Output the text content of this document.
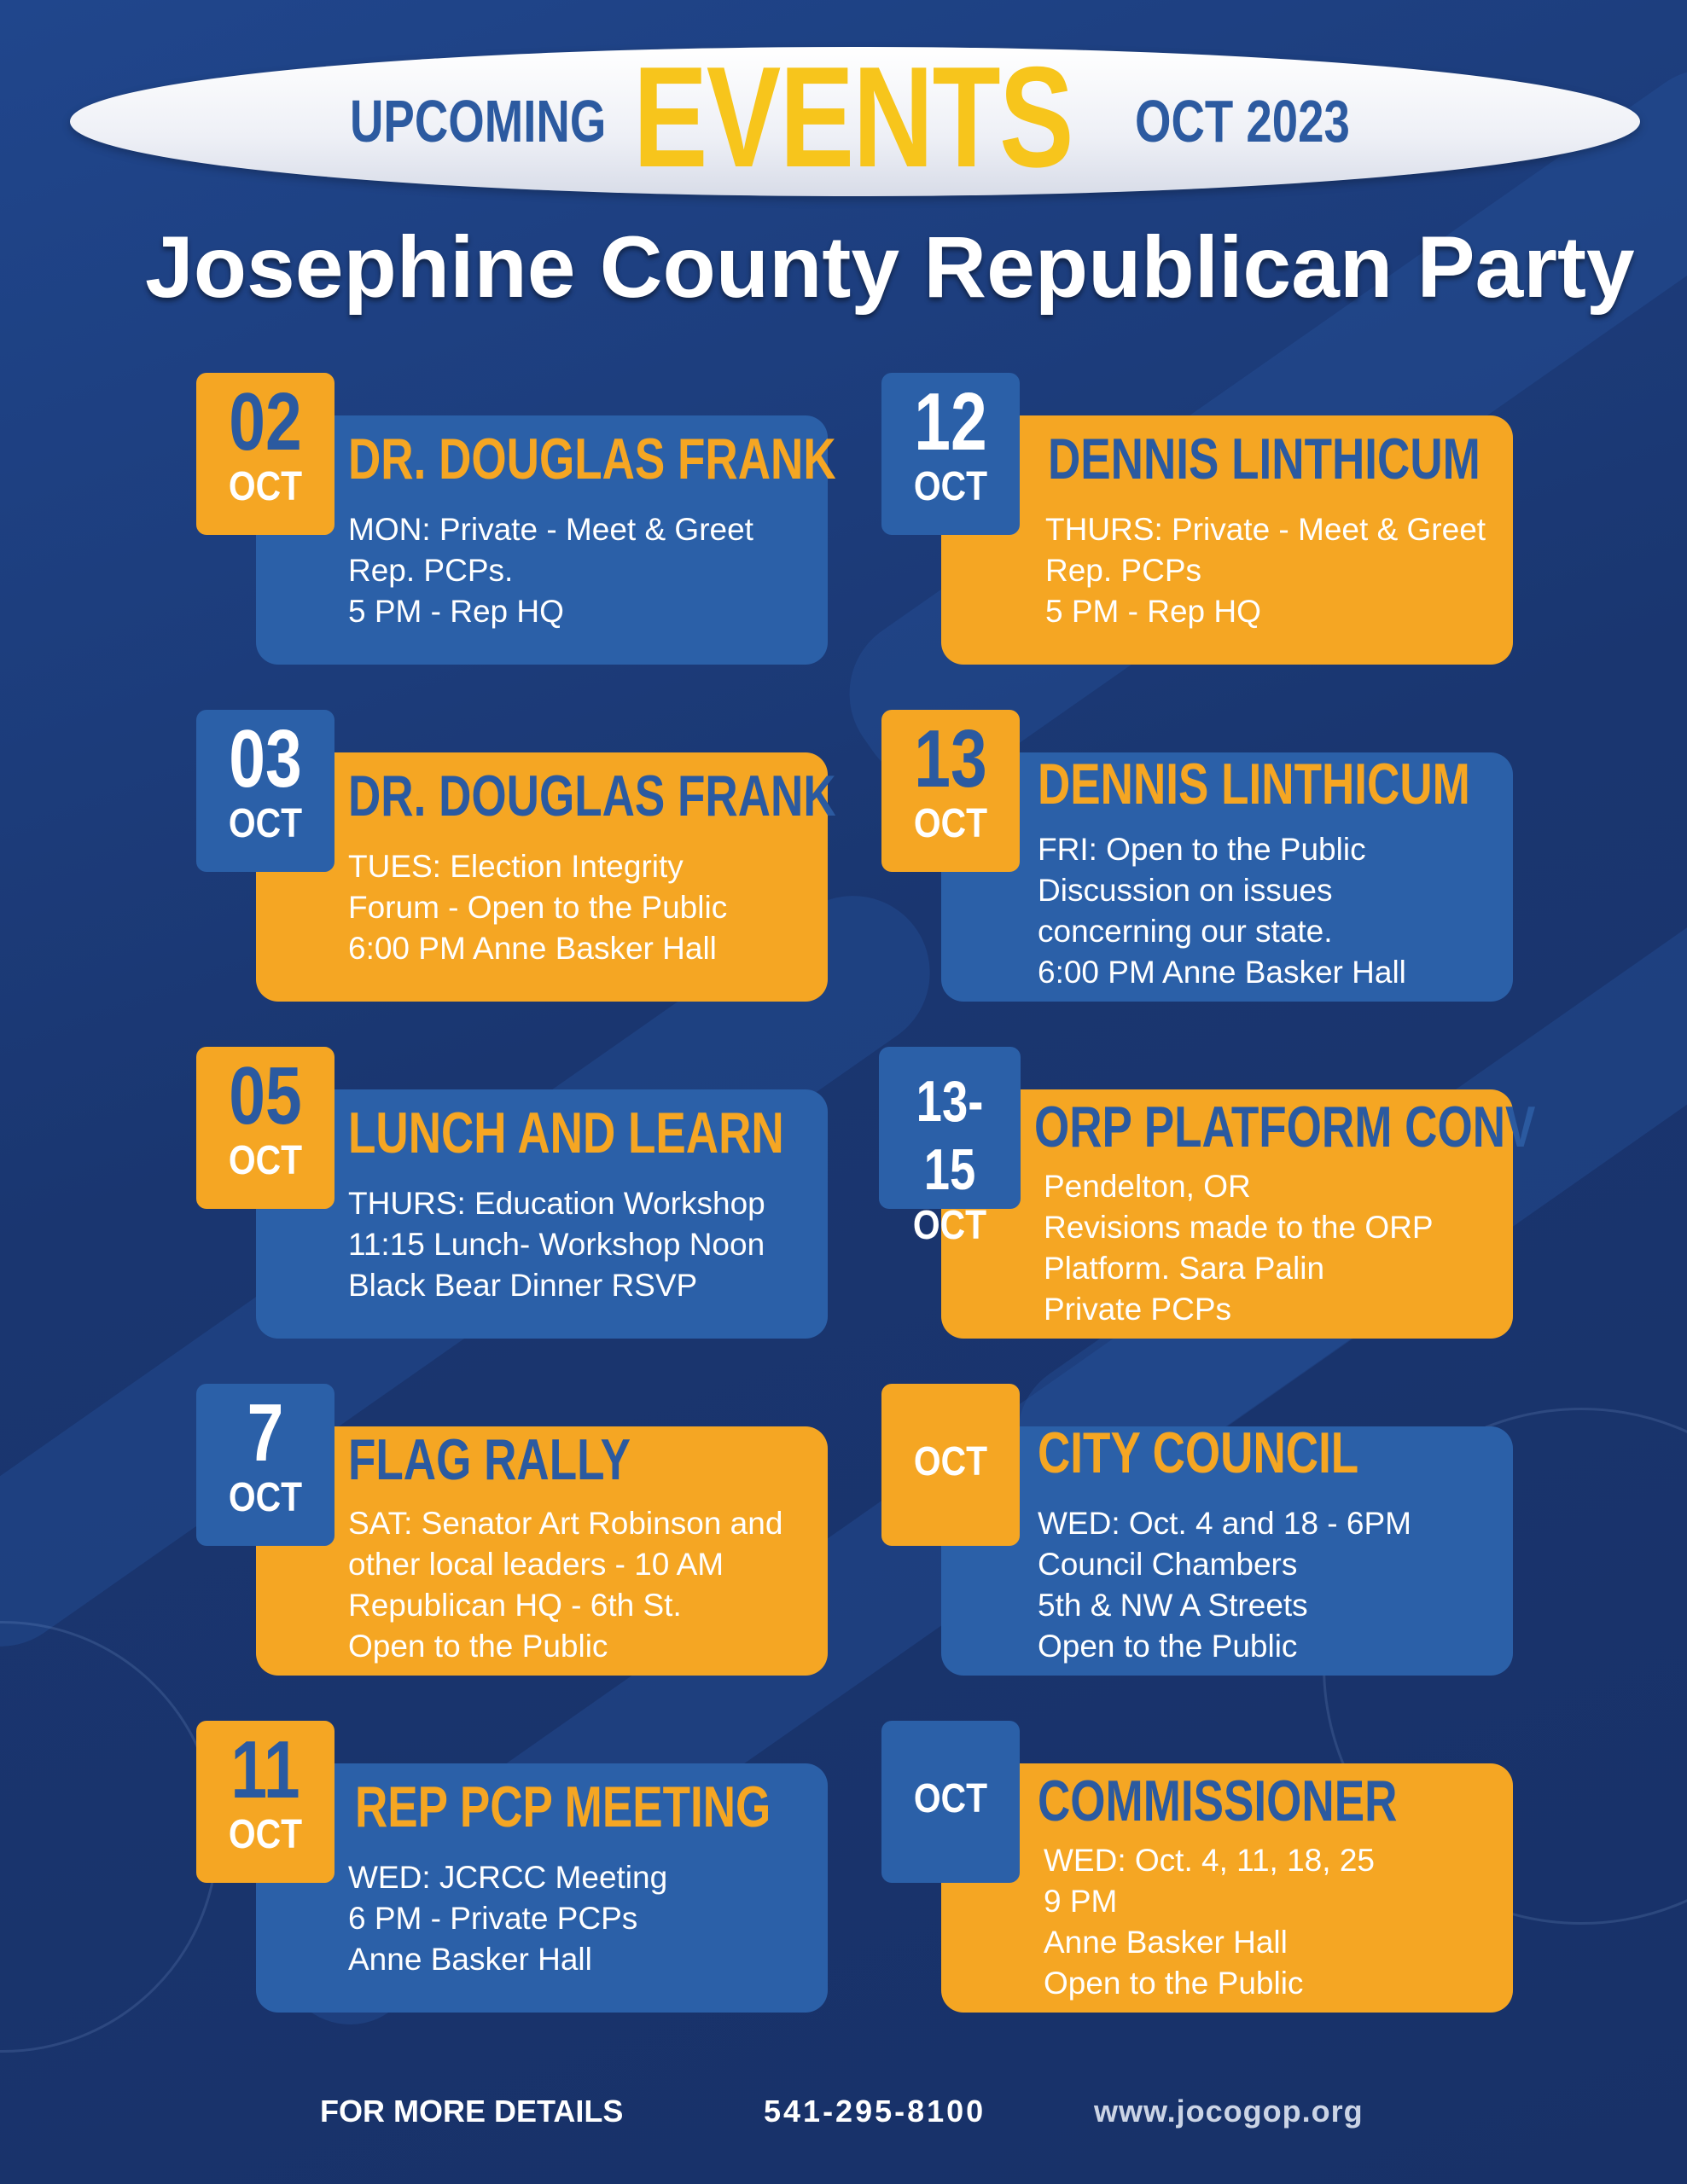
UPCOMING EVENTS OCT 2023
Josephine County Republican Party
02
OCT DR. DOUGLAS FRANK
MON: Private - Meet & Greet
Rep. PCPs.
5 PM - Rep HQ
12
OCT	DENNIS LINTHICUM
THURS: Private - Meet & Greet
Rep. PCPs
5 PM - Rep HQ
03
OCT DR. DOUGLAS FRANK
TUES: Election Integrity
Forum - Open to the Public
6:00 PM Anne Basker Hall
13
OCT
DENNIS LINTHICUM
FRI: Open to the Public
Discussion on issues
concerning our state.
6:00 PM Anne Basker Hall
05
OCT LUNCH AND LEARN
THURS: Education Workshop
11:15 Lunch- Workshop Noon
Black Bear Dinner RSVP
13-15
OCT
ORP PLATFORM CONV
Pendelton, OR
Revisions made to the ORP
Platform. Sara Palin
Private PCPs
7
OCT
FLAG RALLY
SAT: Senator Art Robinson and
other local leaders - 10 AM
Republican HQ - 6th St.
Open to the Public
OCT CITY COUNCIL
WED: Oct. 4 and 18 - 6PM
Council Chambers
5th & NW A Streets
Open to the Public
11
OCT REP PCP MEETING
WED: JCRCC Meeting
6 PM - Private PCPs
Anne Basker Hall
OCT COMMISSIONER
WED: Oct. 4, 11, 18, 25
9 PM
Anne Basker Hall
Open to the Public
FOR MORE DETAILS	541-295-8100	www.jocogop.org
